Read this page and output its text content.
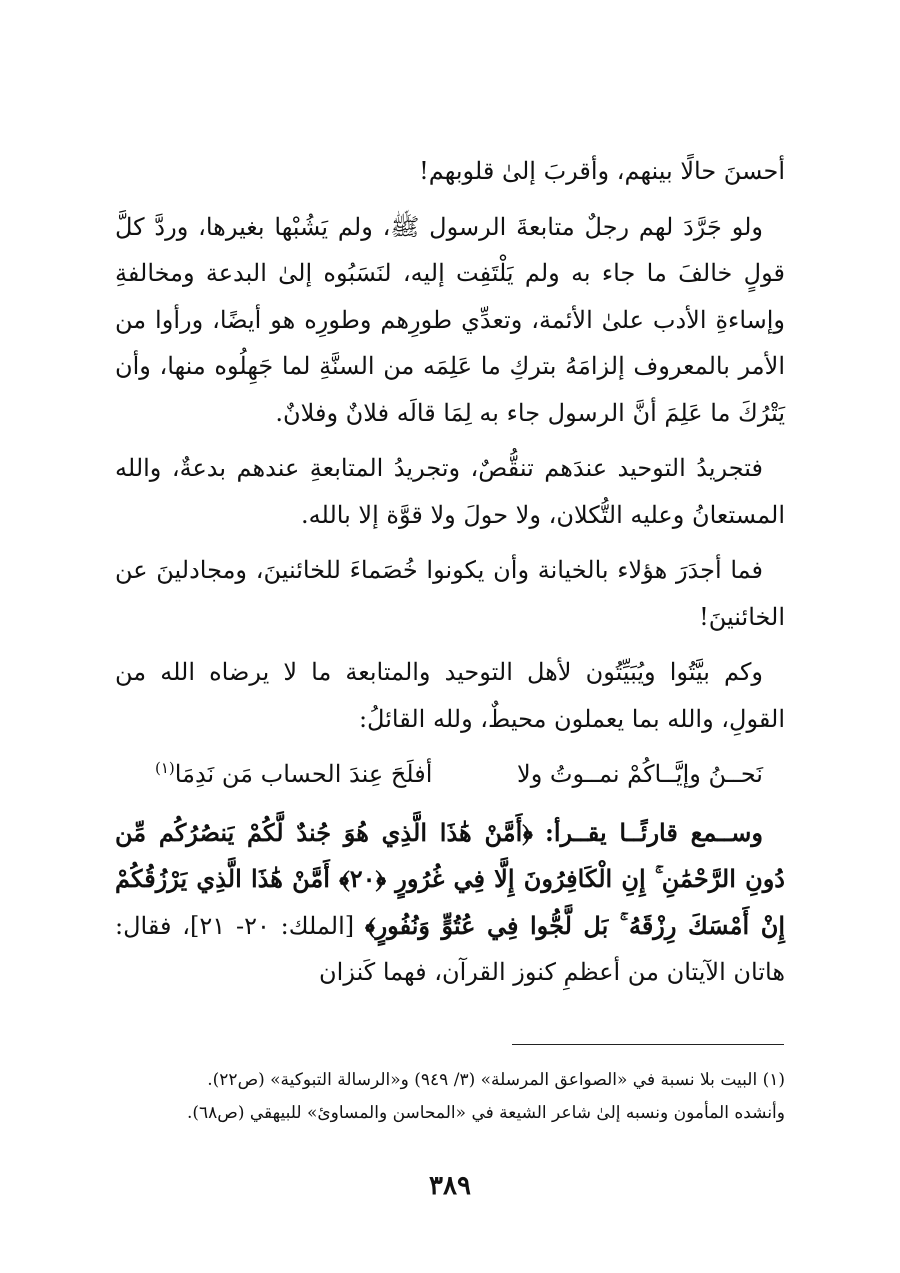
أحسنَ حالًا بينهم، وأقربَ إلىٰ قلوبهم!

ولو جَرَّدَ لهم رجلٌ متابعةَ الرسول ﷺ، ولم يَشُبْها بغيرها، وردَّ كلَّ قولٍ خالفَ ما جاء به ولم يَلْتَفِت إليه، لنَسَبُوه إلىٰ البدعة ومخالفةِ وإساءةِ الأدب علىٰ الأئمة، وتعدِّي طورِهم وطورِه هو أيضًا، ورأوا من الأمر بالمعروف إلزامَهُ بتركِ ما عَلِمَه من السنَّةِ لما جَهِلُوه منها، وأن يَتْرُكَ ما عَلِمَ أنَّ الرسول جاء به لِمَا قالَه فلانٌ وفلانٌ.

فتجريدُ التوحيد عندَهم تنقُّصٌ، وتجريدُ المتابعةِ عندهم بدعةٌ، والله المستعانُ وعليه التُّكلان، ولا حولَ ولا قوَّة إلا بالله.

فما أجدَرَ هؤلاء بالخيانة وأن يكونوا خُصَماءَ للخائنينَ، ومجادلينَ عن الخائنينَ!

وكم بيَّتُوا ويُبَيِّتُون لأهل التوحيد والمتابعة ما لا يرضاه الله من القولِ، والله بما يعملون محيطٌ، ولله القائلُ:

نَحــنُ وإيَّــاكُمْ نمــوتُ ولا
أفلَحَ عِندَ الحساب مَن نَدِمَا$^{(١)}$

وســمع قارئًــا يقــرأ: ﴿أَمَّنْ هَٰذَا الَّذِي هُوَ جُندٌ لَّكُمْ يَنصُرُكُم مِّن دُونِ الرَّحْمَٰنِ ۚ إِنِ الْكَافِرُونَ إِلَّا فِي غُرُورٍ ﴿٢٠﴾ أَمَّنْ هَٰذَا الَّذِي يَرْزُقُكُمْ إِنْ أَمْسَكَ رِزْقَهُ ۚ بَل لَّجُّوا فِي عُتُوٍّ وَنُفُورٍ﴾ [الملك: ٢٠- ٢١]، فقال: هاتان الآيتان من أعظمِ كنوز القرآن، فهما كَنزان

(١) البيت بلا نسبة في «الصواعق المرسلة» (٣/ ٩٤٩) و«الرسالة التبوكية» (ص٢٢).

وأنشده المأمون ونسبه إلىٰ شاعر الشيعة في «المحاسن والمساوئ» للبيهقي (ص٦٨).

٣٨٩
